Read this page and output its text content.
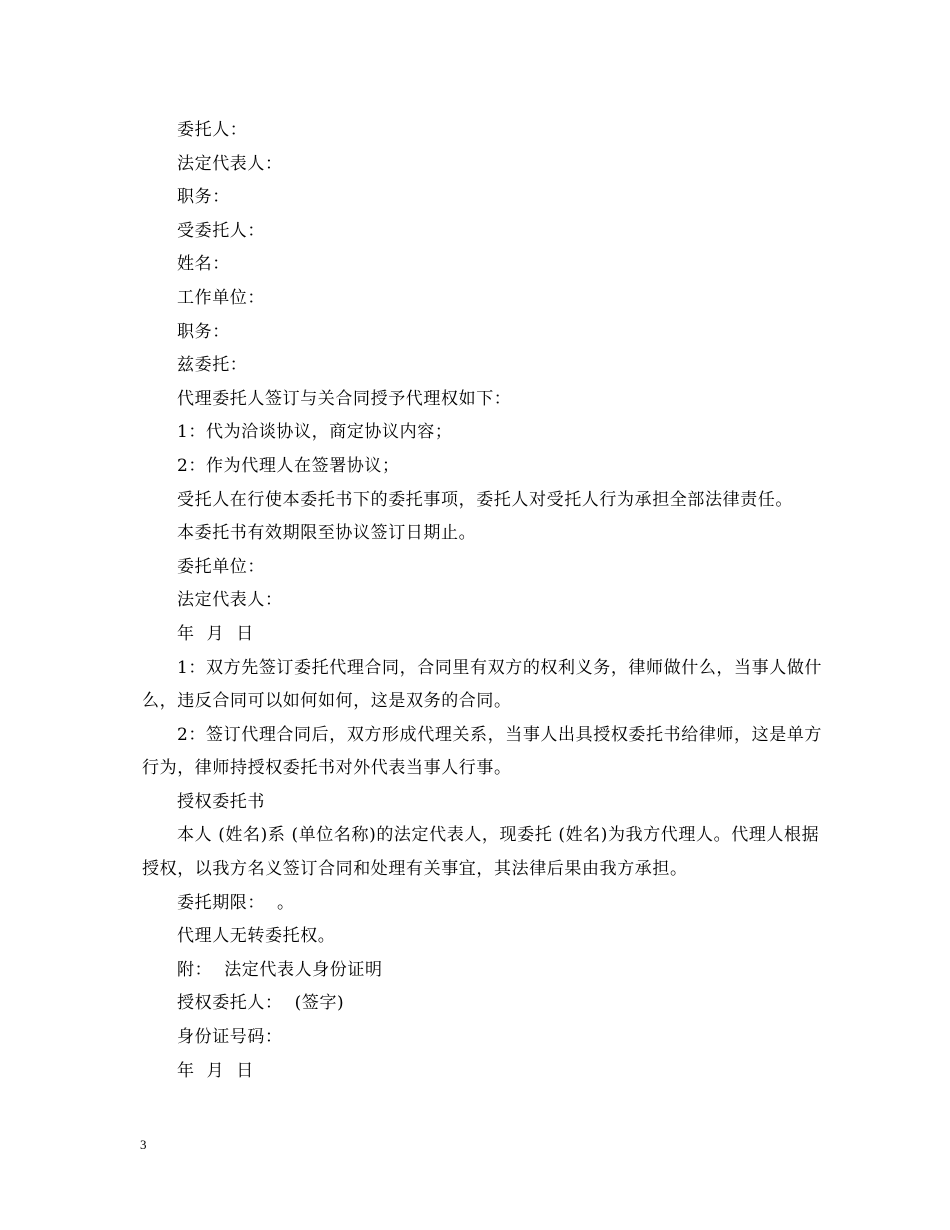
委托人：

法定代表人：

职务：

受委托人：

姓名：

工作单位：

职务：

兹委托：

代理委托人签订与关合同授予代理权如下：

1：代为洽谈协议，商定协议内容；

2：作为代理人在签署协议；

受托人在行使本委托书下的委托事项，委托人对受托人行为承担全部法律责任。

本委托书有效期限至协议签订日期止。

委托单位：

法定代表人：

年  月  日

1：双方先签订委托代理合同，合同里有双方的权利义务，律师做什么，当事人做什么，违反合同可以如何如何，这是双务的合同。

2：签订代理合同后，双方形成代理关系，当事人出具授权委托书给律师，这是单方行为，律师持授权委托书对外代表当事人行事。

授权委托书

本人 (姓名)系 (单位名称)的法定代表人，现委托 (姓名)为我方代理人。代理人根据授权，以我方名义签订合同和处理有关事宜，其法律后果由我方承担。

委托期限：  。

代理人无转委托权。

附：  法定代表人身份证明

授权委托人：  (签字)

身份证号码：

年  月  日

3
